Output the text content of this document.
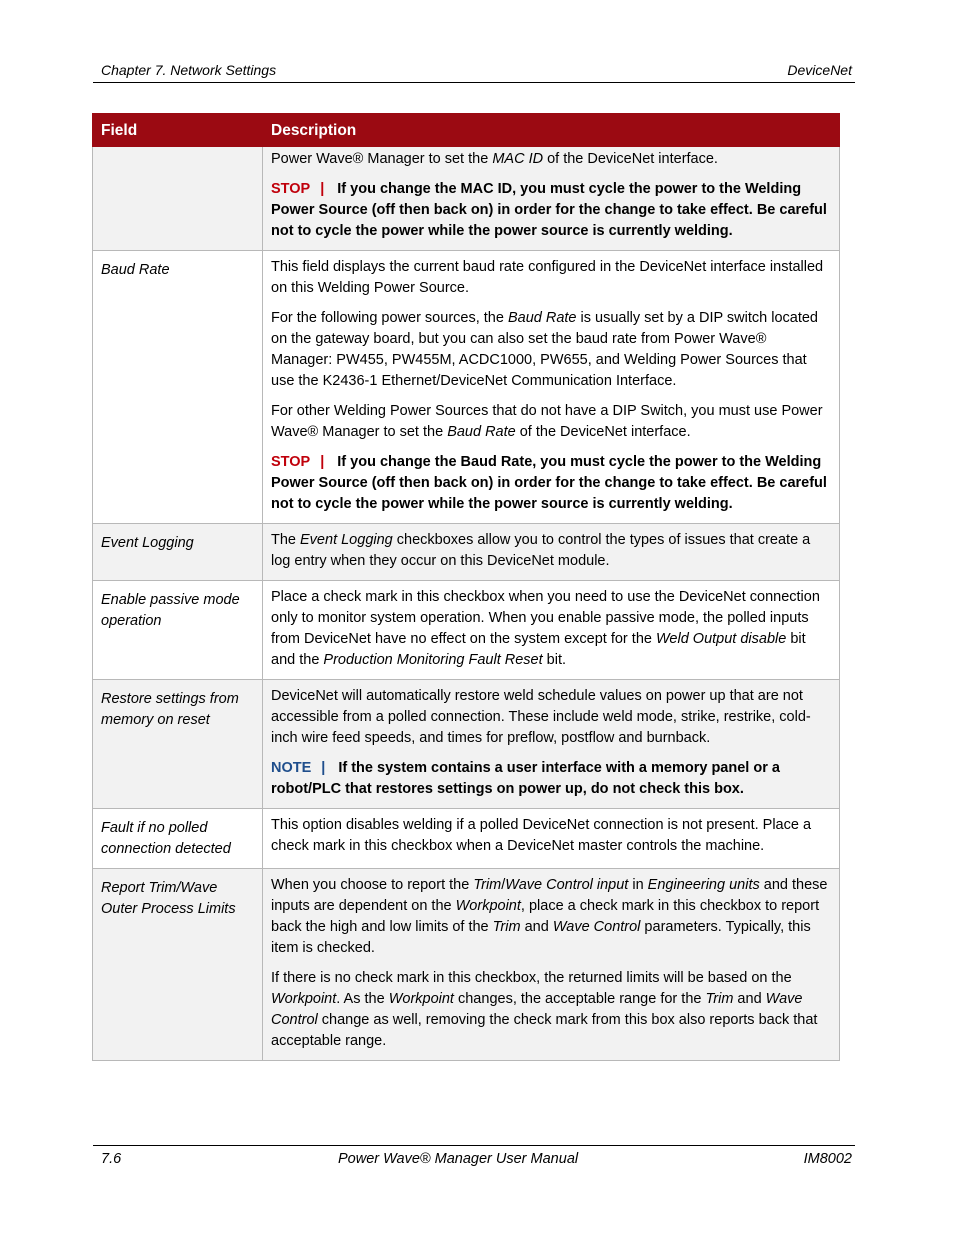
Chapter 7. Network Settings	DeviceNet
Field	Description

	Power Wave® Manager to set the MAC ID of the DeviceNet interface.

STOP | If you change the MAC ID, you must cycle the power to the Welding Power Source (off then back on) in order for the change to take effect. Be careful not to cycle the power while the power source is currently welding.

Baud Rate	This field displays the current baud rate configured in the DeviceNet interface installed on this Welding Power Source.

For the following power sources, the Baud Rate is usually set by a DIP switch located on the gateway board, but you can also set the baud rate from Power Wave® Manager: PW455, PW455M, ACDC1000, PW655, and Welding Power Sources that use the K2436-1 Ethernet/DeviceNet Communication Interface.

For other Welding Power Sources that do not have a DIP Switch, you must use Power Wave® Manager to set the Baud Rate of the DeviceNet interface.

STOP | If you change the Baud Rate, you must cycle the power to the Welding Power Source (off then back on) in order for the change to take effect. Be careful not to cycle the power while the power source is currently welding.

Event Logging	The Event Logging checkboxes allow you to control the types of issues that create a log entry when they occur on this DeviceNet module.

Enable passive mode operation	Place a check mark in this checkbox when you need to use the DeviceNet connection only to monitor system operation. When you enable passive mode, the polled inputs from DeviceNet have no effect on the system except for the Weld Output disable bit and the Production Monitoring Fault Reset bit.

Restore settings from memory on reset	DeviceNet will automatically restore weld schedule values on power up that are not accessible from a polled connection. These include weld mode, strike, restrike, cold-inch wire feed speeds, and times for preflow, postflow and burnback.

NOTE | If the system contains a user interface with a memory panel or a robot/PLC that restores settings on power up, do not check this box.

Fault if no polled connection detected	This option disables welding if a polled DeviceNet connection is not present. Place a check mark in this checkbox when a DeviceNet master controls the machine.

Report Trim/Wave Outer Process Limits	When you choose to report the Trim/Wave Control input in Engineering units and these inputs are dependent on the Workpoint, place a check mark in this checkbox to report back the high and low limits of the Trim and Wave Control parameters. Typically, this item is checked.

If there is no check mark in this checkbox, the returned limits will be based on the Workpoint. As the Workpoint changes, the acceptable range for the Trim and Wave Control change as well, removing the check mark from this box also reports back that acceptable range.

7.6	Power Wave® Manager User Manual	IM8002
